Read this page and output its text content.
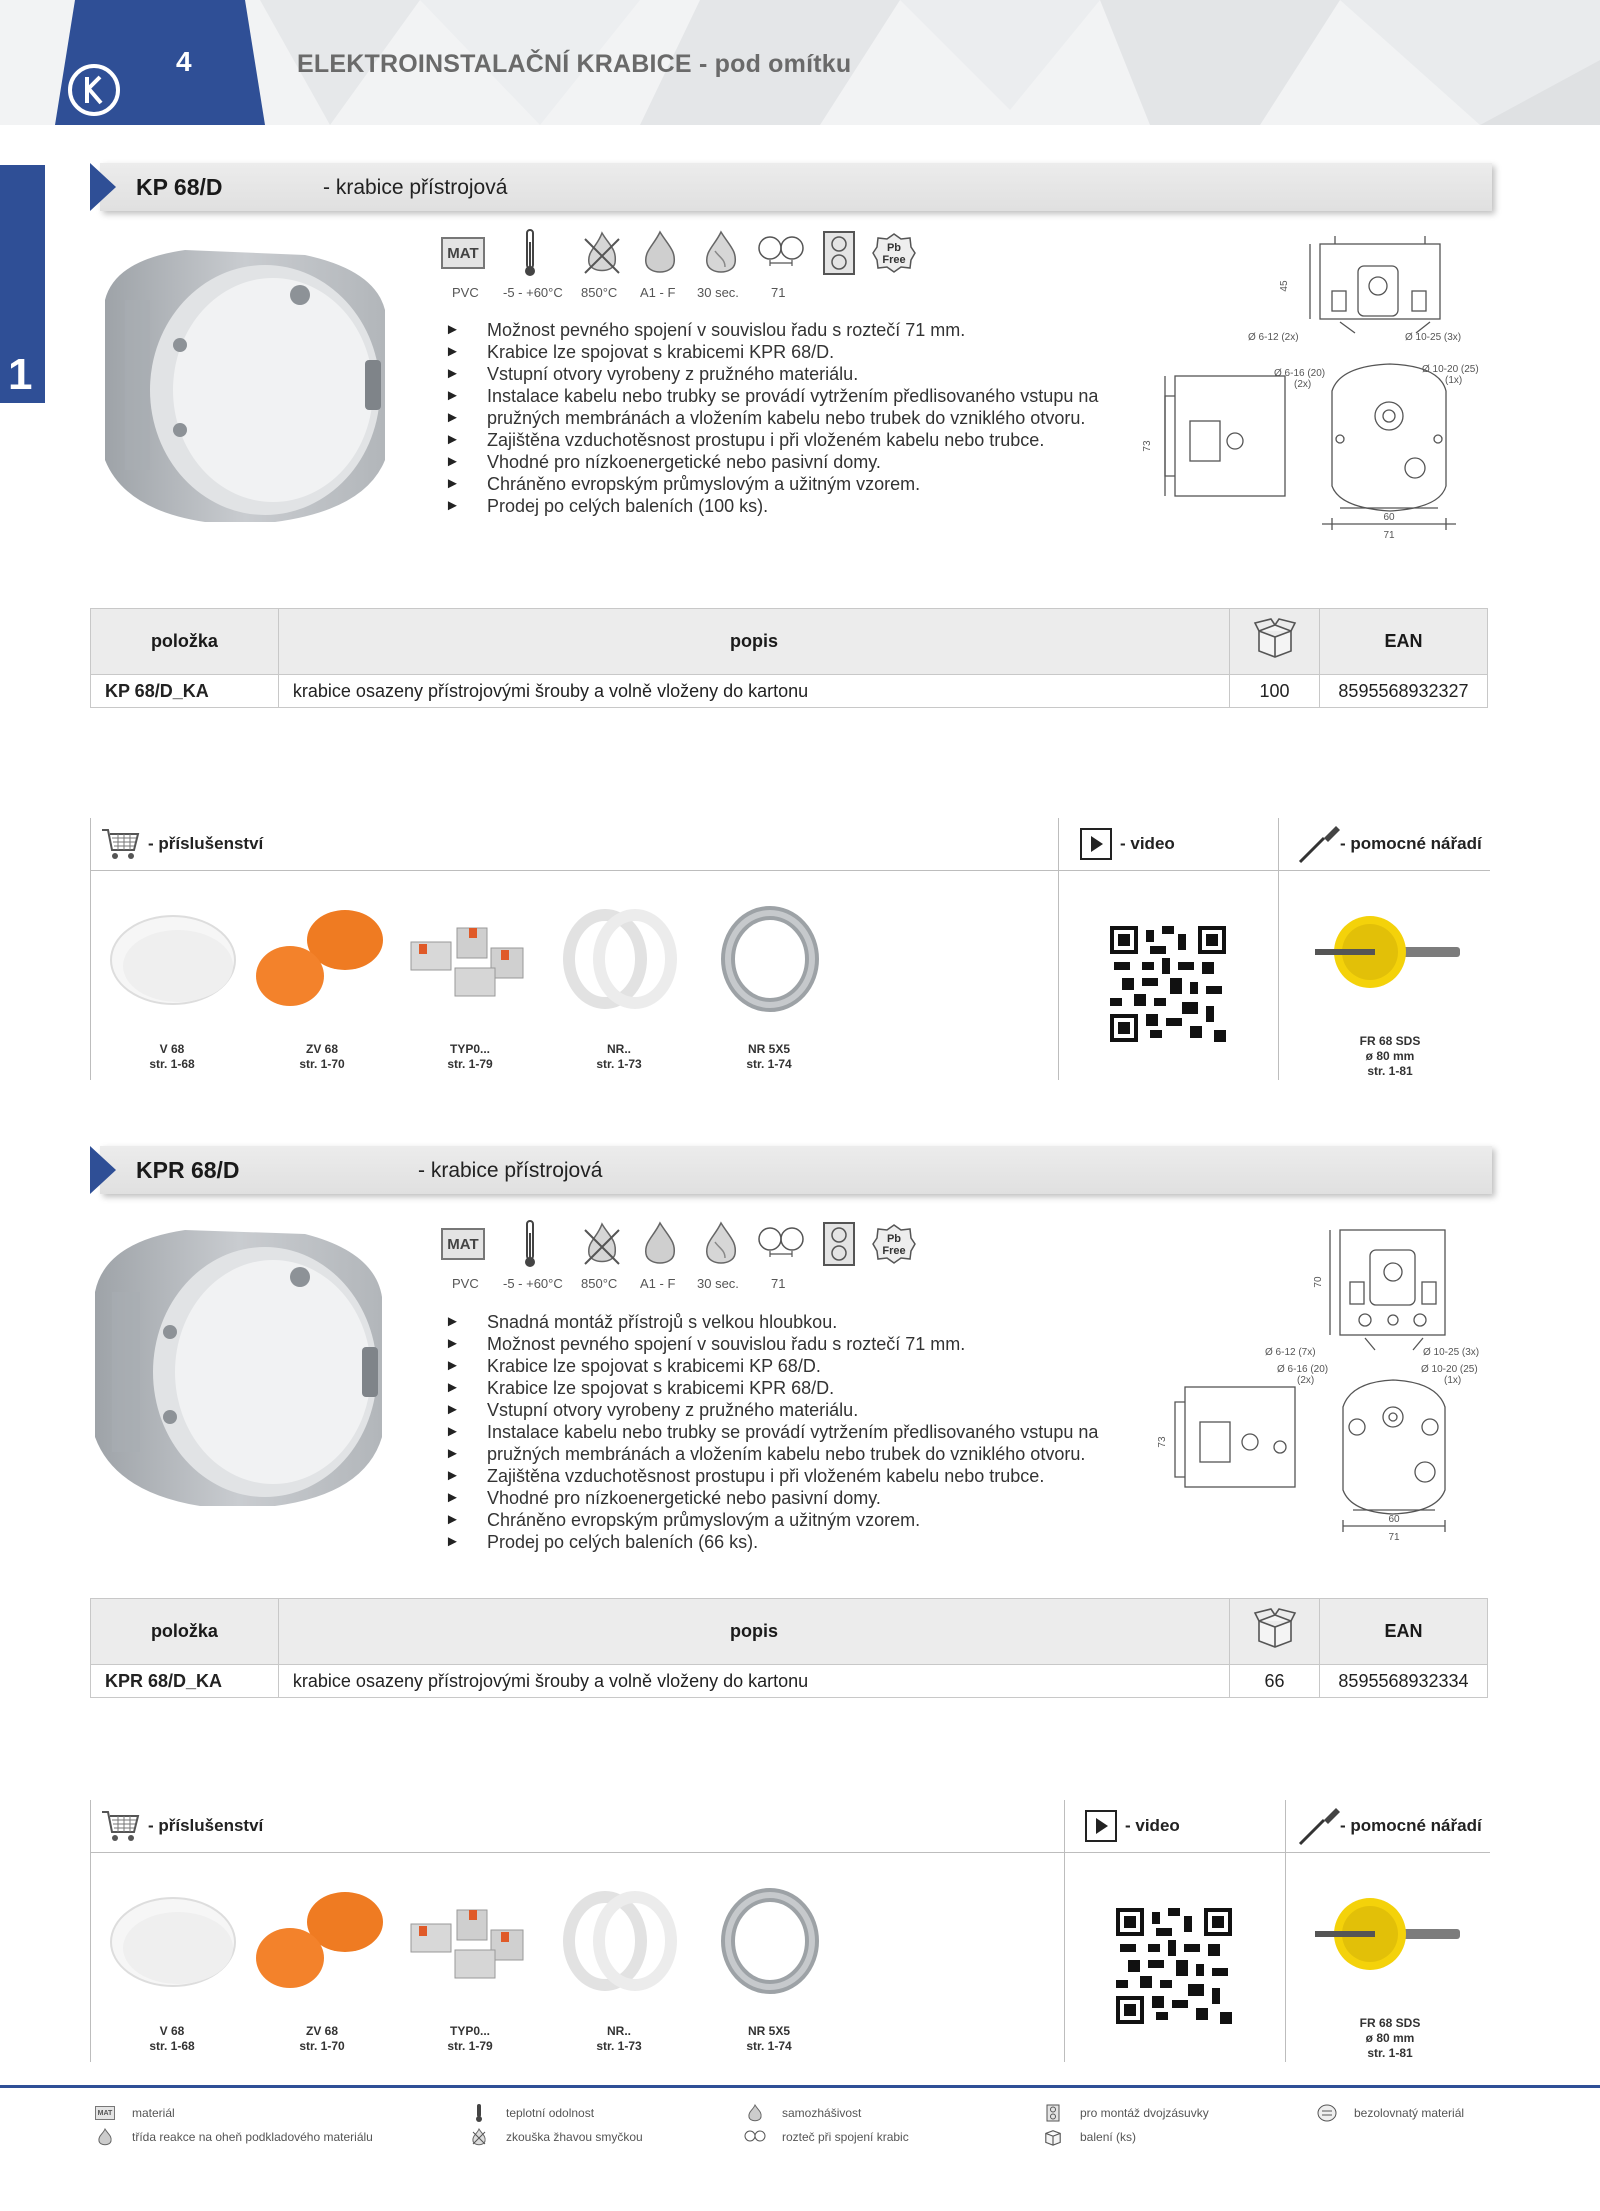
4	ELEKTROINSTALAČNÍ KRABICE - pod omítku
1
KP 68/D	- krabice přístrojová
MAT	Pb
Free
PVC -5 - +60°C 850°C A1 - F 30 sec. 71
► Možnost pevného spojení v souvislou řadu s roztečí 71 mm.
► Krabice lze spojovat s krabicemi KPR 68/D.
► Vstupní otvory vyrobeny z pružného materiálu.
► Instalace kabelu nebo trubky se provádí vytržením předlisovaného vstupu na
► pružných membránách a vložením kabelu nebo trubek do vzniklého otvoru.
► Zajištěna vzduchotěsnost prostupu i při vloženém kabelu nebo trubce.
► Vhodné pro nízkoenergetické nebo pasivní domy.
► Chráněno evropským průmyslovým a užitným vzorem.
► Prodej po celých baleních (100 ks).
45
73
60
71
Ø 6-12 (2x)	Ø 10-25 (3x)
Ø 6-16 (20)
(2x)
Ø 10-20 (25)
(1x)
položka	popis		EAN
KP 68/D_KA	krabice osazeny přístrojovými šrouby a volně vloženy do kartonu	100	8595568932327
- příslušenství	- video	- pomocné nářadí
V 68
str. 1-68
ZV 68
str. 1-70
TYP0...
str. 1-79
NR..
str. 1-73
NR 5X5
str. 1-74
FR 68 SDS
ø 80 mm
str. 1-81
KPR 68/D	- krabice přístrojová
MAT	Pb
Free
PVC -5 - +60°C 850°C A1 - F 30 sec. 71
► Snadná montáž přístrojů s velkou hloubkou.
► Možnost pevného spojení v souvislou řadu s roztečí 71 mm.
► Krabice lze spojovat s krabicemi KP 68/D.
► Krabice lze spojovat s krabicemi KPR 68/D.
► Vstupní otvory vyrobeny z pružného materiálu.
► Instalace kabelu nebo trubky se provádí vytržením předlisovaného vstupu na
► pružných membránách a vložením kabelu nebo trubek do vzniklého otvoru.
► Zajištěna vzduchotěsnost prostupu i při vloženém kabelu nebo trubce.
► Vhodné pro nízkoenergetické nebo pasivní domy.
► Chráněno evropským průmyslovým a užitným vzorem.
► Prodej po celých baleních (66 ks).
70
73
60
71
Ø 6-12 (7x)	Ø 10-25 (3x)
Ø 6-16 (20)
(2x)
Ø 10-20 (25)
(1x)
položka	popis		EAN
KPR 68/D_KA	krabice osazeny přístrojovými šrouby a volně vloženy do kartonu	66	8595568932334
- příslušenství	- video	- pomocné nářadí
V 68
str. 1-68
ZV 68
str. 1-70
TYP0...
str. 1-79
NR..
str. 1-73
NR 5X5
str. 1-74
FR 68 SDS
ø 80 mm
str. 1-81
MAT materiál	teplotní odolnost	samozhášivost	pro montáž dvojzásuvky	bezolovnatý materiál
třída reakce na oheň podkladového materiálu	zkouška žhavou smyčkou	rozteč při spojení krabic	balení (ks)
